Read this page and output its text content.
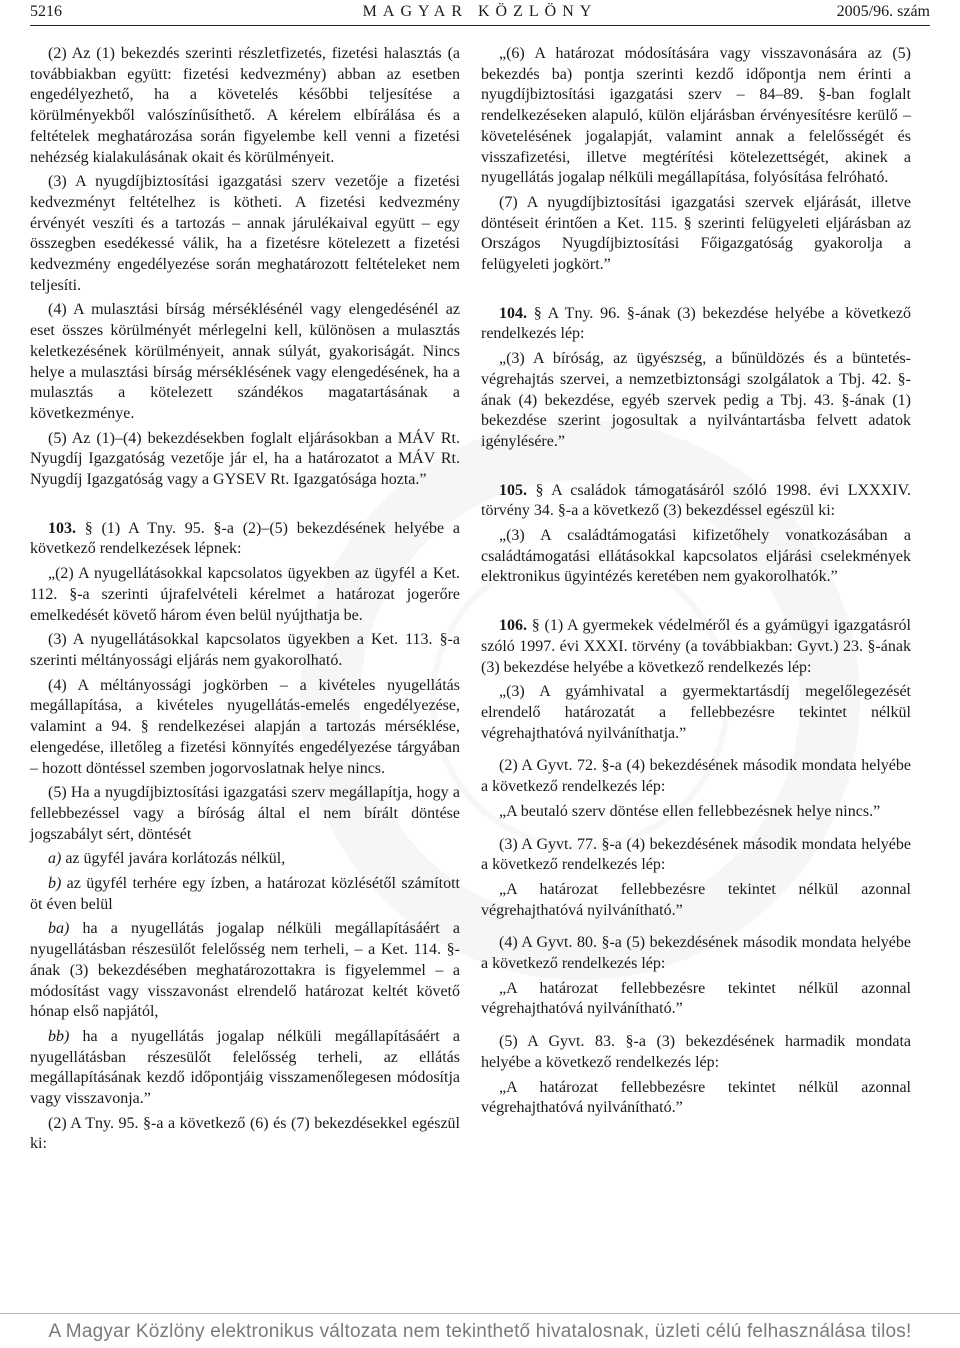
5216	MAGYAR KÖZLÖNY	2005/96. szám

(2) Az (1) bekezdés szerinti részletfizetés, fizetési halasztás (a továbbiakban együtt: fizetési kedvezmény) abban az esetben engedélyezhető, ha a követelés későbbi teljesítése a körülményekből valószínűsíthető. A kérelem elbírálása és a feltételek meghatározása során figyelembe kell venni a fizetési nehézség kialakulásának okait és körülményeit.

(3) A nyugdíjbiztosítási igazgatási szerv vezetője a fizetési kedvezményt feltételhez is kötheti. A fizetési kedvezmény érvényét veszíti és a tartozás – annak járulékaival együtt – egy összegben esedékessé válik, ha a fizetésre kötelezett a fizetési kedvezmény engedélyezése során meghatározott feltételeket nem teljesíti.

(4) A mulasztási bírság mérséklésénél vagy elengedésénél az eset összes körülményét mérlegelni kell, különösen a mulasztás keletkezésének körülményeit, annak súlyát, gyakoriságát. Nincs helye a mulasztási bírság mérséklésének vagy elengedésének, ha a mulasztás a kötelezett szándékos magatartásának a következménye.

(5) Az (1)–(4) bekezdésekben foglalt eljárásokban a MÁV Rt. Nyugdíj Igazgatóság vezetője jár el, ha a határozatot a MÁV Rt. Nyugdíj Igazgatóság vagy a GYSEV Rt. Igazgatósága hozta.”

103. § (1) A Tny. 95. §-a (2)–(5) bekezdésének helyébe a következő rendelkezések lépnek:

„(2) A nyugellátásokkal kapcsolatos ügyekben az ügyfél a Ket. 112. §-a szerinti újrafelvételi kérelmet a határozat jogerőre emelkedését követő három éven belül nyújthatja be.

(3) A nyugellátásokkal kapcsolatos ügyekben a Ket. 113. §-a szerinti méltányossági eljárás nem gyakorolható.

(4) A méltányossági jogkörben – a kivételes nyugellátás megállapítása, a kivételes nyugellátás-emelés engedélyezése, valamint a 94. § rendelkezései alapján a tartozás mérséklése, elengedése, illetőleg a fizetési könnyítés engedélyezése tárgyában – hozott döntéssel szemben jogorvoslatnak helye nincs.

(5) Ha a nyugdíjbiztosítási igazgatási szerv megállapítja, hogy a fellebbezéssel vagy a bíróság által el nem bírált döntése jogszabályt sért, döntését

a) az ügyfél javára korlátozás nélkül,

b) az ügyfél terhére egy ízben, a határozat közlésétől számított öt éven belül

ba) ha a nyugellátás jogalap nélküli megállapításáért a nyugellátásban részesülőt felelősség nem terheli, – a Ket. 114. §-ának (3) bekezdésében meghatározottakra is figyelemmel – a módosítást vagy visszavonást elrendelő határozat keltét követő hónap első napjától,

bb) ha a nyugellátás jogalap nélküli megállapításáért a nyugellátásban részesülőt felelősség terheli, az ellátás megállapításának kezdő időpontjáig visszamenőlegesen módosítja vagy visszavonja.”

(2) A Tny. 95. §-a a következő (6) és (7) bekezdésekkel egészül ki:

„(6) A határozat módosítására vagy visszavonására az (5) bekezdés ba) pontja szerinti kezdő időpontja nem érinti a nyugdíjbiztosítási igazgatási szerv – 84–89. §-ban foglalt rendelkezéseken alapuló, külön eljárásban érvényesítésre kerülő – követelésének jogalapját, valamint annak a felelősségét és visszafizetési, illetve megtérítési kötelezettségét, akinek a nyugellátás jogalap nélküli megállapítása, folyósítása felróható.

(7) A nyugdíjbiztosítási igazgatási szervek eljárását, illetve döntéseit érintően a Ket. 115. § szerinti felügyeleti eljárásban az Országos Nyugdíjbiztosítási Főigazgatóság gyakorolja a felügyeleti jogkört.”

104. § A Tny. 96. §-ának (3) bekezdése helyébe a következő rendelkezés lép:

„(3) A bíróság, az ügyészség, a bűnüldözés és a büntetés-végrehajtás szervei, a nemzetbiztonsági szolgálatok a Tbj. 42. §-ának (4) bekezdése, egyéb szervek pedig a Tbj. 43. §-ának (1) bekezdése szerint jogosultak a nyilvántartásba felvett adatok igénylésére.”

105. § A családok támogatásáról szóló 1998. évi LXXXIV. törvény 34. §-a a következő (3) bekezdéssel egészül ki:

„(3) A családtámogatási kifizetőhely vonatkozásában a családtámogatási ellátásokkal kapcsolatos eljárási cselekmények elektronikus ügyintézés keretében nem gyakorolhatók.”

106. § (1) A gyermekek védelméről és a gyámügyi igazgatásról szóló 1997. évi XXXI. törvény (a továbbiakban: Gyvt.) 23. §-ának (3) bekezdése helyébe a következő rendelkezés lép:

„(3) A gyámhivatal a gyermektartásdíj megelőlegezését elrendelő határozatát a fellebbezésre tekintet nélkül végrehajthatóvá nyilváníthatja.”

(2) A Gyvt. 72. §-a (4) bekezdésének második mondata helyébe a következő rendelkezés lép:

„A beutaló szerv döntése ellen fellebbezésnek helye nincs.”

(3) A Gyvt. 77. §-a (4) bekezdésének második mondata helyébe a következő rendelkezés lép:

„A határozat fellebbezésre tekintet nélkül azonnal végrehajthatóvá nyilvánítható.”

(4) A Gyvt. 80. §-a (5) bekezdésének második mondata helyébe a következő rendelkezés lép:

„A határozat fellebbezésre tekintet nélkül azonnal végrehajthatóvá nyilvánítható.”

(5) A Gyvt. 83. §-a (3) bekezdésének harmadik mondata helyébe a következő rendelkezés lép:

„A határozat fellebbezésre tekintet nélkül azonnal végrehajthatóvá nyilvánítható.”

A Magyar Közlöny elektronikus változata nem tekinthető hivatalosnak, üzleti célú felhasználása tilos!
